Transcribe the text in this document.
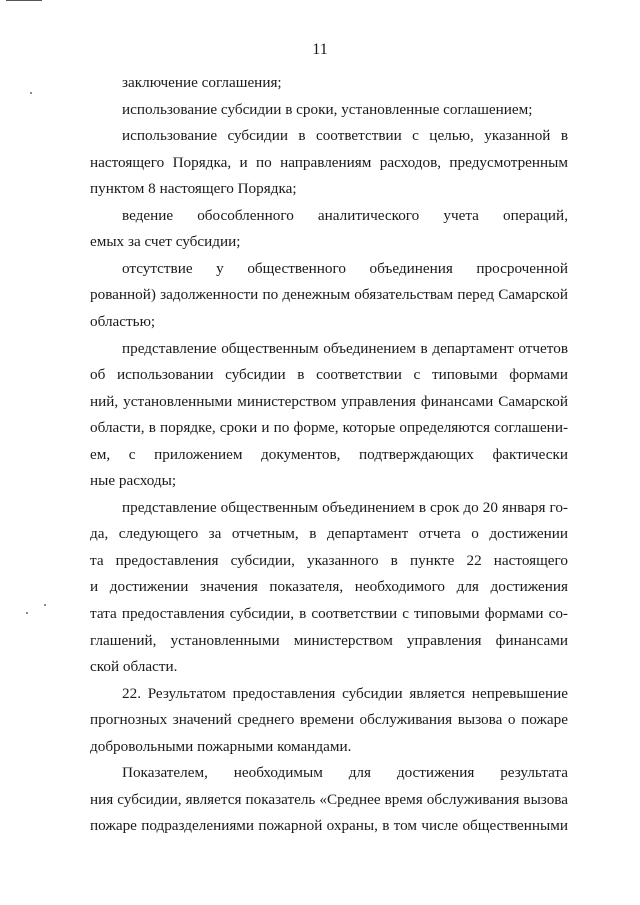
11
заключение соглашения;
использование субсидии в сроки, установленные соглашением;
использование субсидии в соответствии с целью, указанной в
настоящего Порядка, и по направлениям расходов, предусмотренным
пунктом 8 настоящего Порядка;
ведение обособленного аналитического учета операций,
емых за счет субсидии;
отсутствие у общественного объединения просроченной
рованной) задолженности по денежным обязательствам перед Самарской
областью;
представление общественным объединением в департамент отчетов
об использовании субсидии в соответствии с типовыми формами
ний, установленными министерством управления финансами Самарской
области, в порядке, сроки и по форме, которые определяются соглашени-
ем, с приложением документов, подтверждающих фактически
ные расходы;
представление общественным объединением в срок до 20 января го-
да, следующего за отчетным, в департамент отчета о достижении
та предоставления субсидии, указанного в пункте 22 настоящего
и достижении значения показателя, необходимого для достижения
тата предоставления субсидии, в соответствии с типовыми формами со-
глашений, установленными министерством управления финансами
ской области.
22. Результатом предоставления субсидии является непревышение
прогнозных значений среднего времени обслуживания вызова о пожаре
добровольными пожарными командами.
Показателем, необходимым для достижения результата
ния субсидии, является показатель «Среднее время обслуживания вызова
пожаре подразделениями пожарной охраны, в том числе общественными
